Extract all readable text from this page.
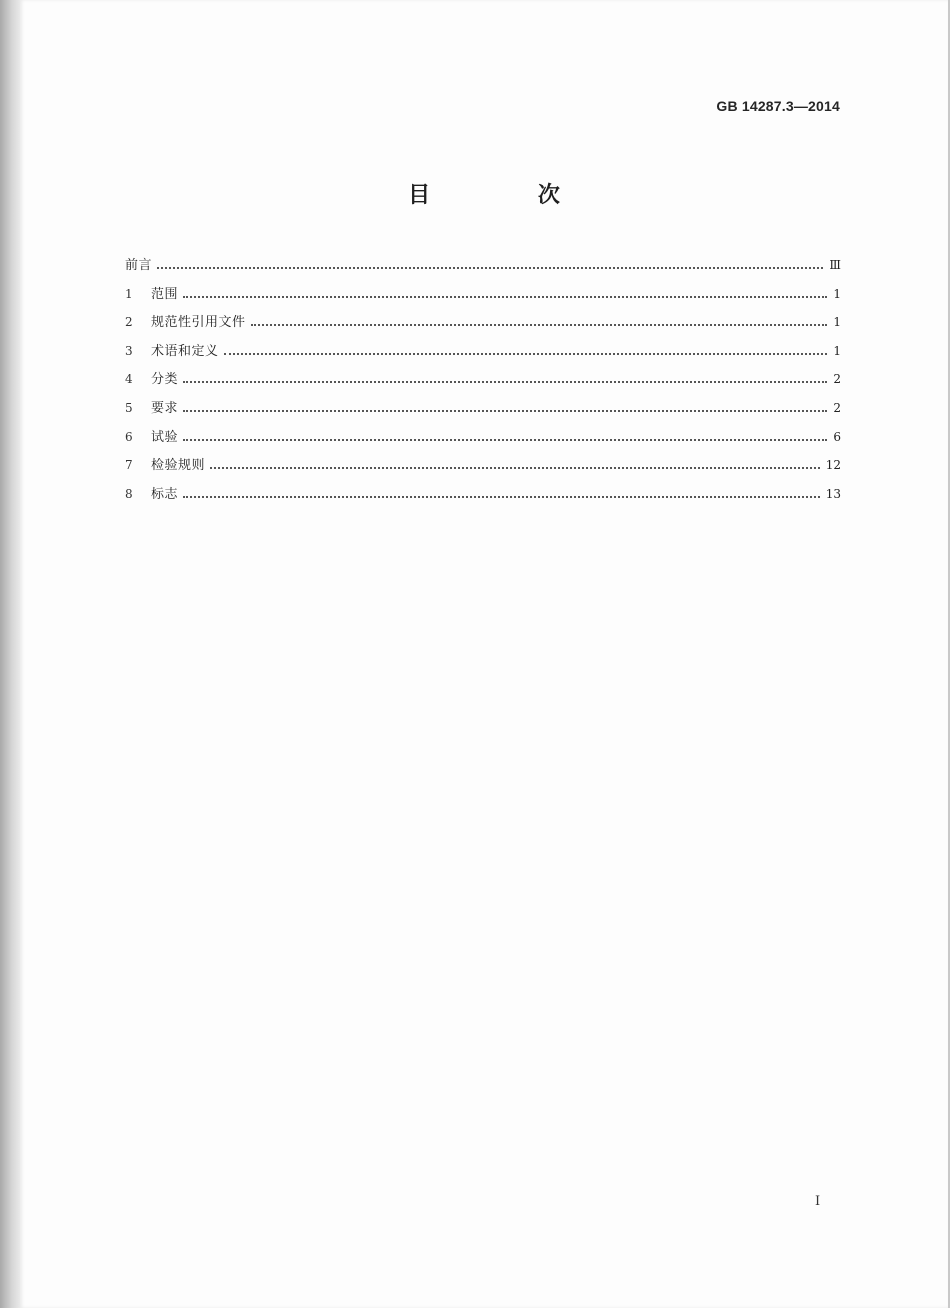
GB 14287.3—2014
目 次
前言	Ⅲ
1	范围	1
2	规范性引用文件	1
3	术语和定义	1
4	分类	2
5	要求	2
6	试验	6
7	检验规则	12
8	标志	13
I
